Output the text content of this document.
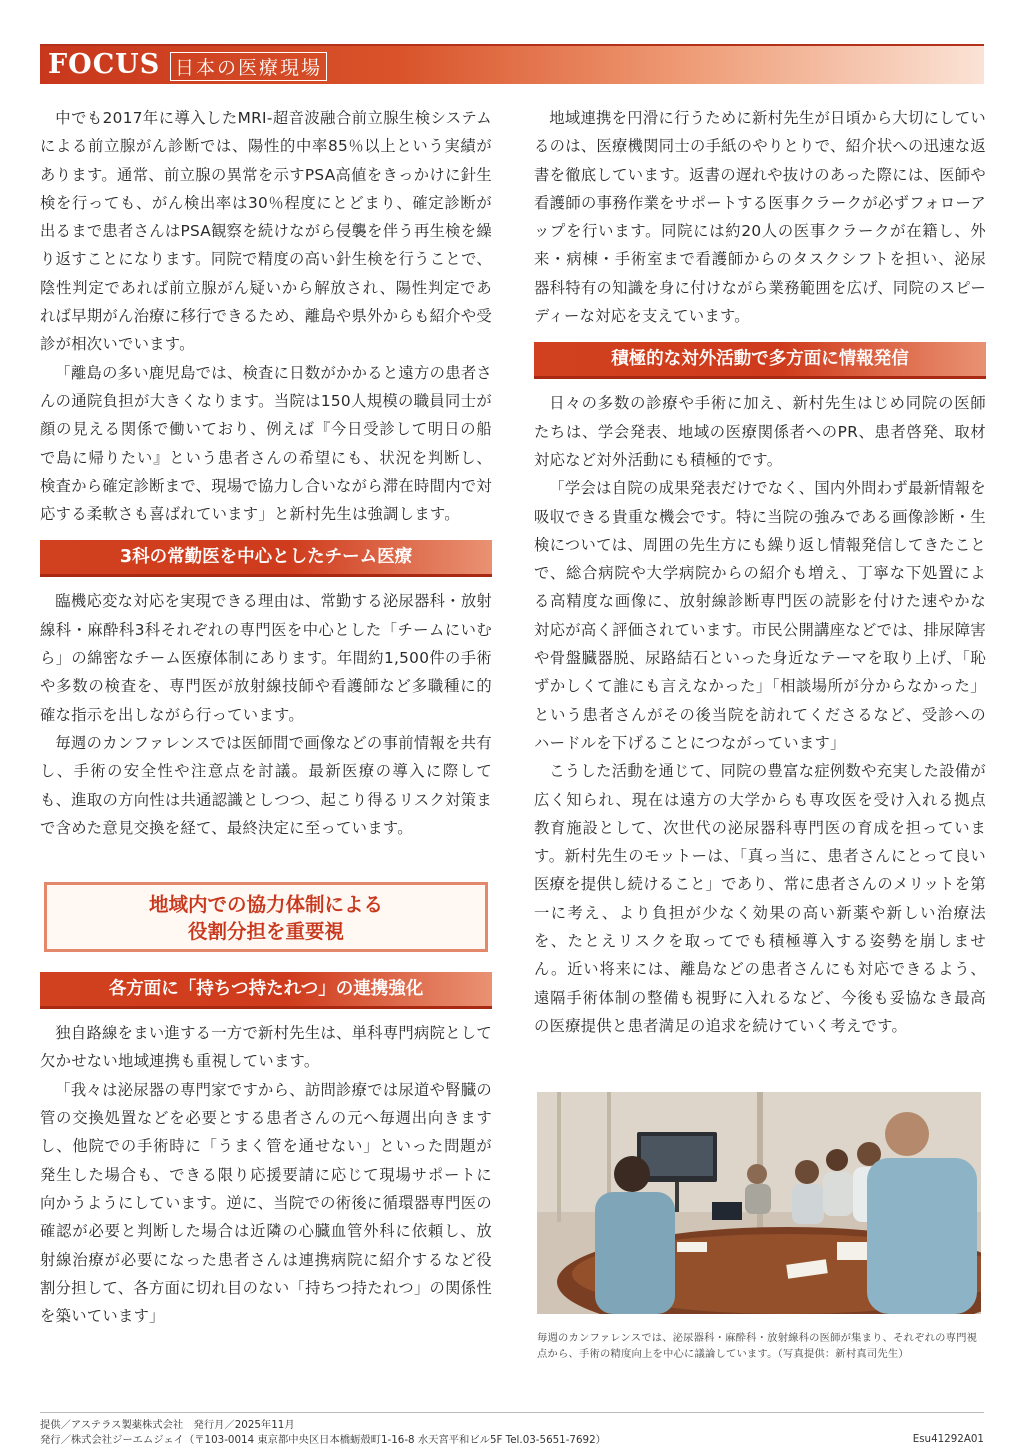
FOCUS 日本の医療現場

中でも2017年に導入したMRI-超音波融合前立腺生検システムによる前立腺がん診断では、陽性的中率85％以上という実績があります。通常、前立腺の異常を示すPSA高値をきっかけに針生検を行っても、がん検出率は30％程度にとどまり、確定診断が出るまで患者さんはPSA観察を続けながら侵襲を伴う再生検を繰り返すことになります。同院で精度の高い針生検を行うことで、陰性判定であれば前立腺がん疑いから解放され、陽性判定であれば早期がん治療に移行できるため、離島や県外からも紹介や受診が相次いでいます。

「離島の多い鹿児島では、検査に日数がかかると遠方の患者さんの通院負担が大きくなります。当院は150人規模の職員同士が顔の見える関係で働いており、例えば『今日受診して明日の船で島に帰りたい』という患者さんの希望にも、状況を判断し、検査から確定診断まで、現場で協力し合いながら滞在時間内で対応する柔軟さも喜ばれています」と新村先生は強調します。

3科の常勤医を中心としたチーム医療

臨機応変な対応を実現できる理由は、常勤する泌尿器科・放射線科・麻酔科3科それぞれの専門医を中心とした「チームにいむら」の綿密なチーム医療体制にあります。年間約1,500件の手術や多数の検査を、専門医が放射線技師や看護師など多職種に的確な指示を出しながら行っています。

毎週のカンファレンスでは医師間で画像などの事前情報を共有し、手術の安全性や注意点を討議。最新医療の導入に際しても、進取の方向性は共通認識としつつ、起こり得るリスク対策まで含めた意見交換を経て、最終決定に至っています。

地域内での協力体制による
役割分担を重要視
各方面に「持ちつ持たれつ」の連携強化

独自路線をまい進する一方で新村先生は、単科専門病院として欠かせない地域連携も重視しています。

「我々は泌尿器の専門家ですから、訪問診療では尿道や腎臓の管の交換処置などを必要とする患者さんの元へ毎週出向きますし、他院での手術時に「うまく管を通せない」といった問題が発生した場合も、できる限り応援要請に応じて現場サポートに向かうようにしています。逆に、当院での術後に循環器専門医の確認が必要と判断した場合は近隣の心臓血管外科に依頼し、放射線治療が必要になった患者さんは連携病院に紹介するなど役割分担して、各方面に切れ目のない「持ちつ持たれつ」の関係性を築いています」

地域連携を円滑に行うために新村先生が日頃から大切にしているのは、医療機関同士の手紙のやりとりで、紹介状への迅速な返書を徹底しています。返書の遅れや抜けのあった際には、医師や看護師の事務作業をサポートする医事クラークが必ずフォローアップを行います。同院には約20人の医事クラークが在籍し、外来・病棟・手術室まで看護師からのタスクシフトを担い、泌尿器科特有の知識を身に付けながら業務範囲を広げ、同院のスピーディーな対応を支えています。

積極的な対外活動で多方面に情報発信

日々の多数の診療や手術に加え、新村先生はじめ同院の医師たちは、学会発表、地域の医療関係者へのPR、患者啓発、取材対応など対外活動にも積極的です。

「学会は自院の成果発表だけでなく、国内外問わず最新情報を吸収できる貴重な機会です。特に当院の強みである画像診断・生検については、周囲の先生方にも繰り返し情報発信してきたことで、総合病院や大学病院からの紹介も増え、丁寧な下処置による高精度な画像に、放射線診断専門医の読影を付けた速やかな対応が高く評価されています。市民公開講座などでは、排尿障害や骨盤臓器脱、尿路結石といった身近なテーマを取り上げ、「恥ずかしくて誰にも言えなかった」「相談場所が分からなかった」という患者さんがその後当院を訪れてくださるなど、受診へのハードルを下げることにつながっています」

こうした活動を通じて、同院の豊富な症例数や充実した設備が広く知られ、現在は遠方の大学からも専攻医を受け入れる拠点教育施設として、次世代の泌尿器科専門医の育成を担っています。新村先生のモットーは、「真っ当に、患者さんにとって良い医療を提供し続けること」であり、常に患者さんのメリットを第一に考え、より負担が少なく効果の高い新薬や新しい治療法を、たとえリスクを取ってでも積極導入する姿勢を崩しません。近い将来には、離島などの患者さんにも対応できるよう、遠隔手術体制の整備も視野に入れるなど、今後も妥協なき最高の医療提供と患者満足の追求を続けていく考えです。

毎週のカンファレンスでは、泌尿器科・麻酔科・放射線科の医師が集まり、それぞれの専門視点から、手術の精度向上を中心に議論しています。（写真提供：新村真司先生）
提供／アステラス製薬株式会社　発行月／2025年11月
発行／株式会社ジーエムジェイ（〒103-0014 東京都中央区日本橋蛎殻町1-16-8 水天宮平和ビル5F Tel.03-5651-7692）	Esu41292A01
